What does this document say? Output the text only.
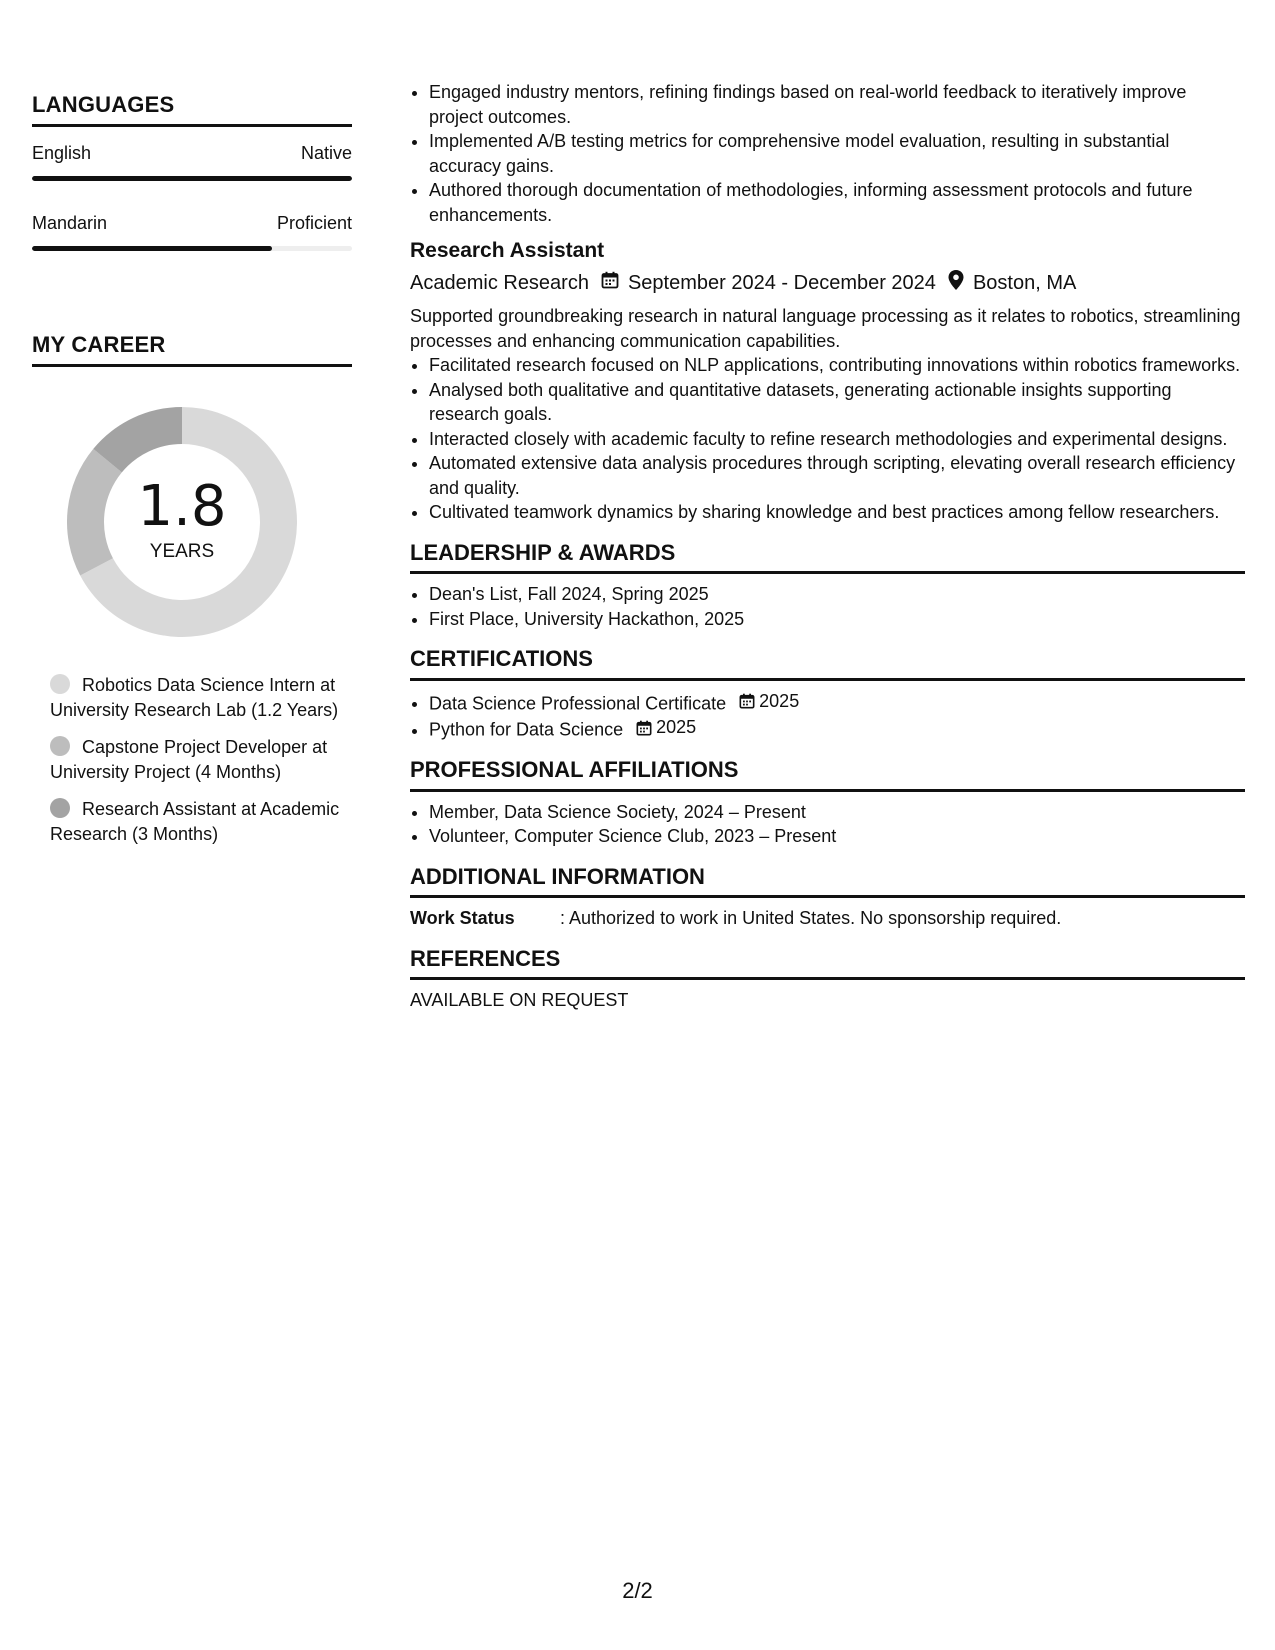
LANGUAGES
English	Native
Mandarin	Proficient
MY CAREER
1.8
YEARS
Robotics Data Science Intern at University Research Lab (1.2 Years)
Capstone Project Developer at University Project (4 Months)
Research Assistant at Academic Research (3 Months)
• Engaged industry mentors, refining findings based on real-world feedback to iteratively improve project outcomes.
• Implemented A/B testing metrics for comprehensive model evaluation, resulting in substantial accuracy gains.
• Authored thorough documentation of methodologies, informing assessment protocols and future enhancements.
Research Assistant
Academic Research September 2024 - December 2024 Boston, MA
Supported groundbreaking research in natural language processing as it relates to robotics, streamlining processes and enhancing communication capabilities.
• Facilitated research focused on NLP applications, contributing innovations within robotics frameworks.
• Analysed both qualitative and quantitative datasets, generating actionable insights supporting research goals.
• Interacted closely with academic faculty to refine research methodologies and experimental designs.
• Automated extensive data analysis procedures through scripting, elevating overall research efficiency and quality.
• Cultivated teamwork dynamics by sharing knowledge and best practices among fellow researchers.
LEADERSHIP & AWARDS
• Dean's List, Fall 2024, Spring 2025
• First Place, University Hackathon, 2025
CERTIFICATIONS
• Data Science Professional Certificate 2025
• Python for Data Science 2025
PROFESSIONAL AFFILIATIONS
• Member, Data Science Society, 2024 – Present
• Volunteer, Computer Science Club, 2023 – Present
ADDITIONAL INFORMATION
Work Status	: Authorized to work in United States. No sponsorship required.
REFERENCES
AVAILABLE ON REQUEST
2/2
